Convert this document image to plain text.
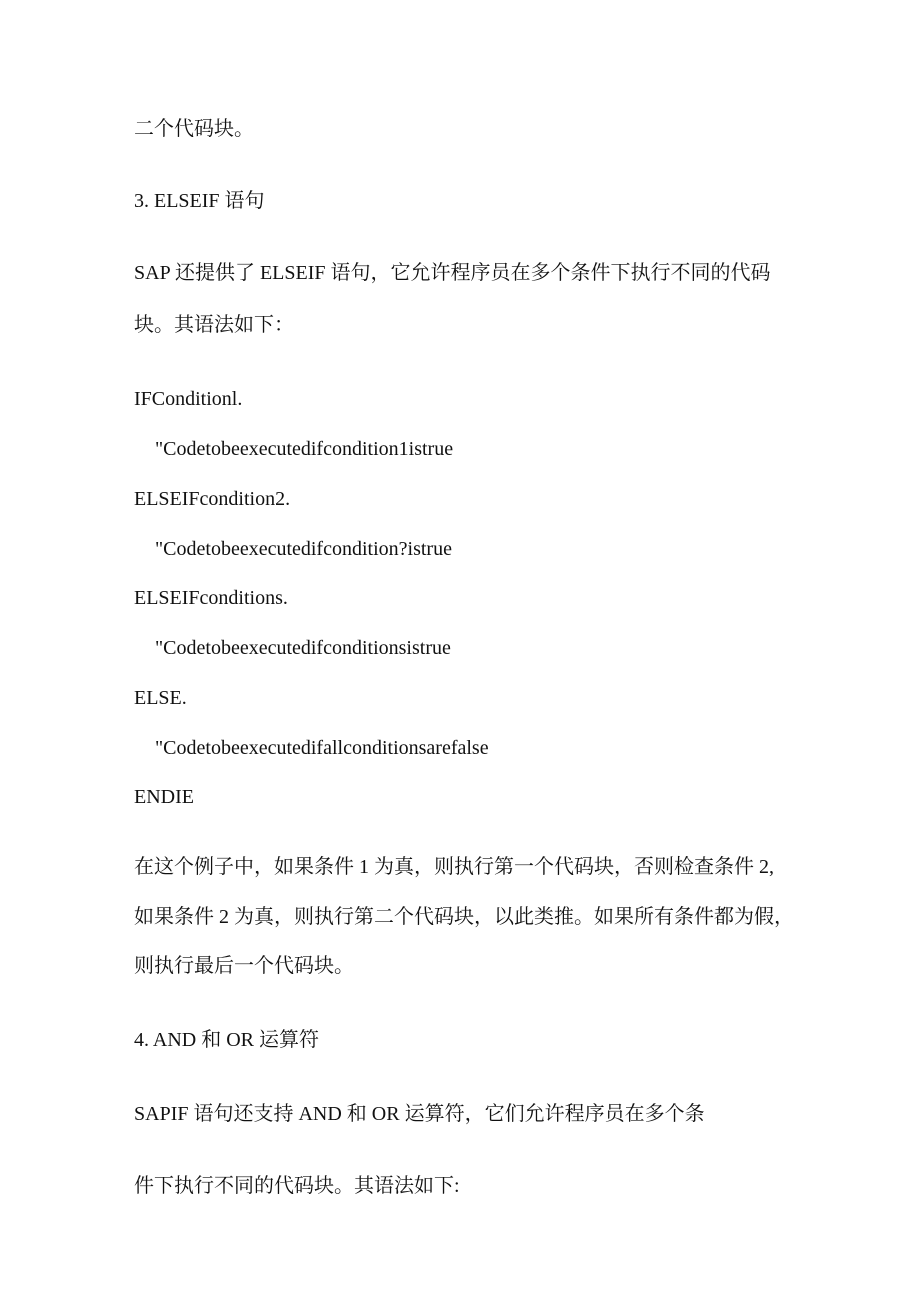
二个代码块。
3. ELSEIF 语句
SAP 还提供了 ELSEIF 语句，它允许程序员在多个条件下执行不同的代码
块。其语法如下：
IFConditionl.
"Codetobeexecutedifcondition1istrue
ELSEIFcondition2.
"Codetobeexecutedifcondition?istrue
ELSEIFconditions.
"Codetobeexecutedifconditionsistrue
ELSE.
"Codetobeexecutedifallconditionsarefalse
ENDIE
在这个例子中，如果条件 1 为真，则执行第一个代码块，否则检查条件 2,
如果条件 2 为真，则执行第二个代码块，以此类推。如果所有条件都为假，
则执行最后一个代码块。
4. AND 和 OR 运算符
SAPIF 语句还支持 AND 和 OR 运算符，它们允许程序员在多个条
件下执行不同的代码块。其语法如下:
